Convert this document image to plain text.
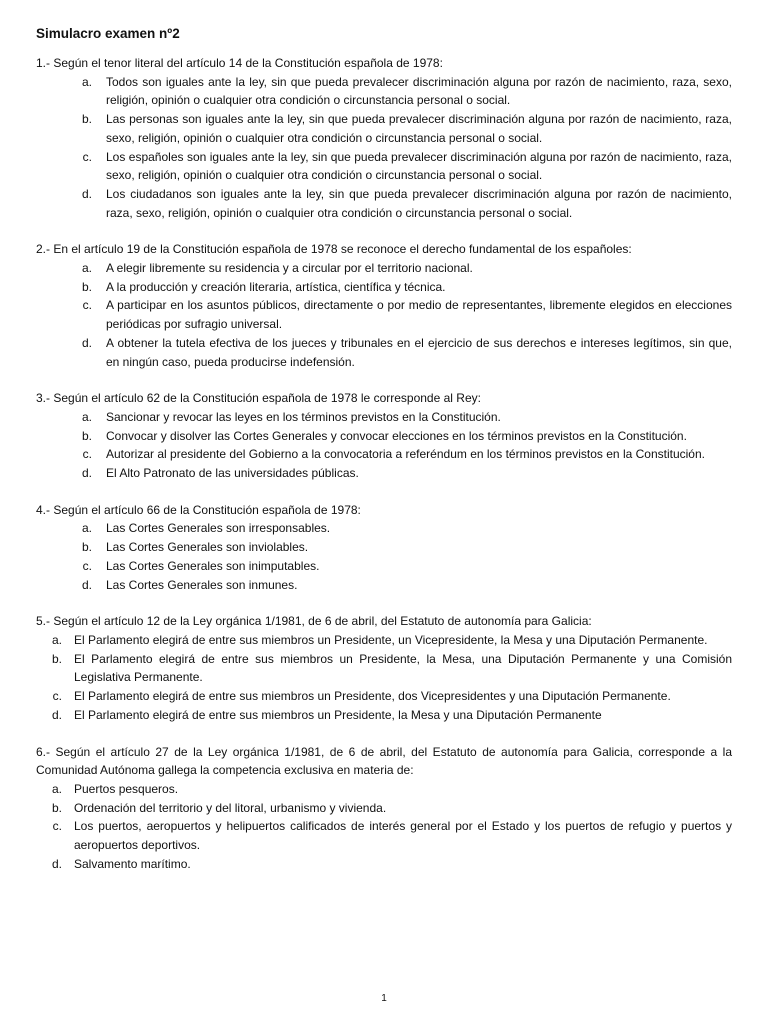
Simulacro examen nº2
1.- Según el tenor literal del artículo 14 de la Constitución española de 1978:
a.	Todos son iguales ante la ley, sin que pueda prevalecer discriminación alguna por razón de nacimiento, raza, sexo, religión, opinión o cualquier otra condición o circunstancia personal o social.
b.	Las personas son iguales ante la ley, sin que pueda prevalecer discriminación alguna por razón de nacimiento, raza, sexo, religión, opinión o cualquier otra condición o circunstancia personal o social.
c.	Los españoles son iguales ante la ley, sin que pueda prevalecer discriminación alguna por razón de nacimiento, raza, sexo, religión, opinión o cualquier otra condición o circunstancia personal o social.
d.	Los ciudadanos son iguales ante la ley, sin que pueda prevalecer discriminación alguna por razón de nacimiento, raza, sexo, religión, opinión o cualquier otra condición o circunstancia personal o social.
2.- En el artículo 19 de la Constitución española de 1978 se reconoce el derecho fundamental de los españoles:
a.	A elegir libremente su residencia y a circular por el territorio nacional.
b.	A la producción y creación literaria, artística, científica y técnica.
c.	A participar en los asuntos públicos, directamente o por medio de representantes, libremente elegidos en elecciones periódicas por sufragio universal.
d.	A obtener la tutela efectiva de los jueces y tribunales en el ejercicio de sus derechos e intereses legítimos, sin que, en ningún caso, pueda producirse indefensión.
3.- Según el artículo 62 de la Constitución española de 1978 le corresponde al Rey:
a.	Sancionar y revocar las leyes en los términos previstos en la Constitución.
b.	Convocar y disolver las Cortes Generales y convocar elecciones en los términos previstos en la Constitución.
c.	Autorizar al presidente del Gobierno a la convocatoria a referéndum en los términos previstos en la Constitución.
d.	El Alto Patronato de las universidades públicas.
4.- Según el artículo 66 de la Constitución española de 1978:
a.	Las Cortes Generales son irresponsables.
b.	Las Cortes Generales son inviolables.
c.	Las Cortes Generales son inimputables.
d.	Las Cortes Generales son inmunes.
5.- Según el artículo 12 de la Ley orgánica 1/1981, de 6 de abril, del Estatuto de autonomía para Galicia:
a.	El Parlamento elegirá de entre sus miembros un Presidente, un Vicepresidente, la Mesa y una Diputación Permanente.
b.	El Parlamento elegirá de entre sus miembros un Presidente, la Mesa, una Diputación Permanente y una Comisión Legislativa Permanente.
c.	El Parlamento elegirá de entre sus miembros un Presidente, dos Vicepresidentes y una Diputación Permanente.
d.	El Parlamento elegirá de entre sus miembros un Presidente, la Mesa y una Diputación Permanente
6.- Según el artículo 27 de la Ley orgánica 1/1981, de 6 de abril, del Estatuto de autonomía para Galicia, corresponde a la Comunidad Autónoma gallega la competencia exclusiva en materia de:
a.	Puertos pesqueros.
b.	Ordenación del territorio y del litoral, urbanismo y vivienda.
c.	Los puertos, aeropuertos y helipuertos calificados de interés general por el Estado y los puertos de refugio y puertos y aeropuertos deportivos.
d.	Salvamento marítimo.
1
